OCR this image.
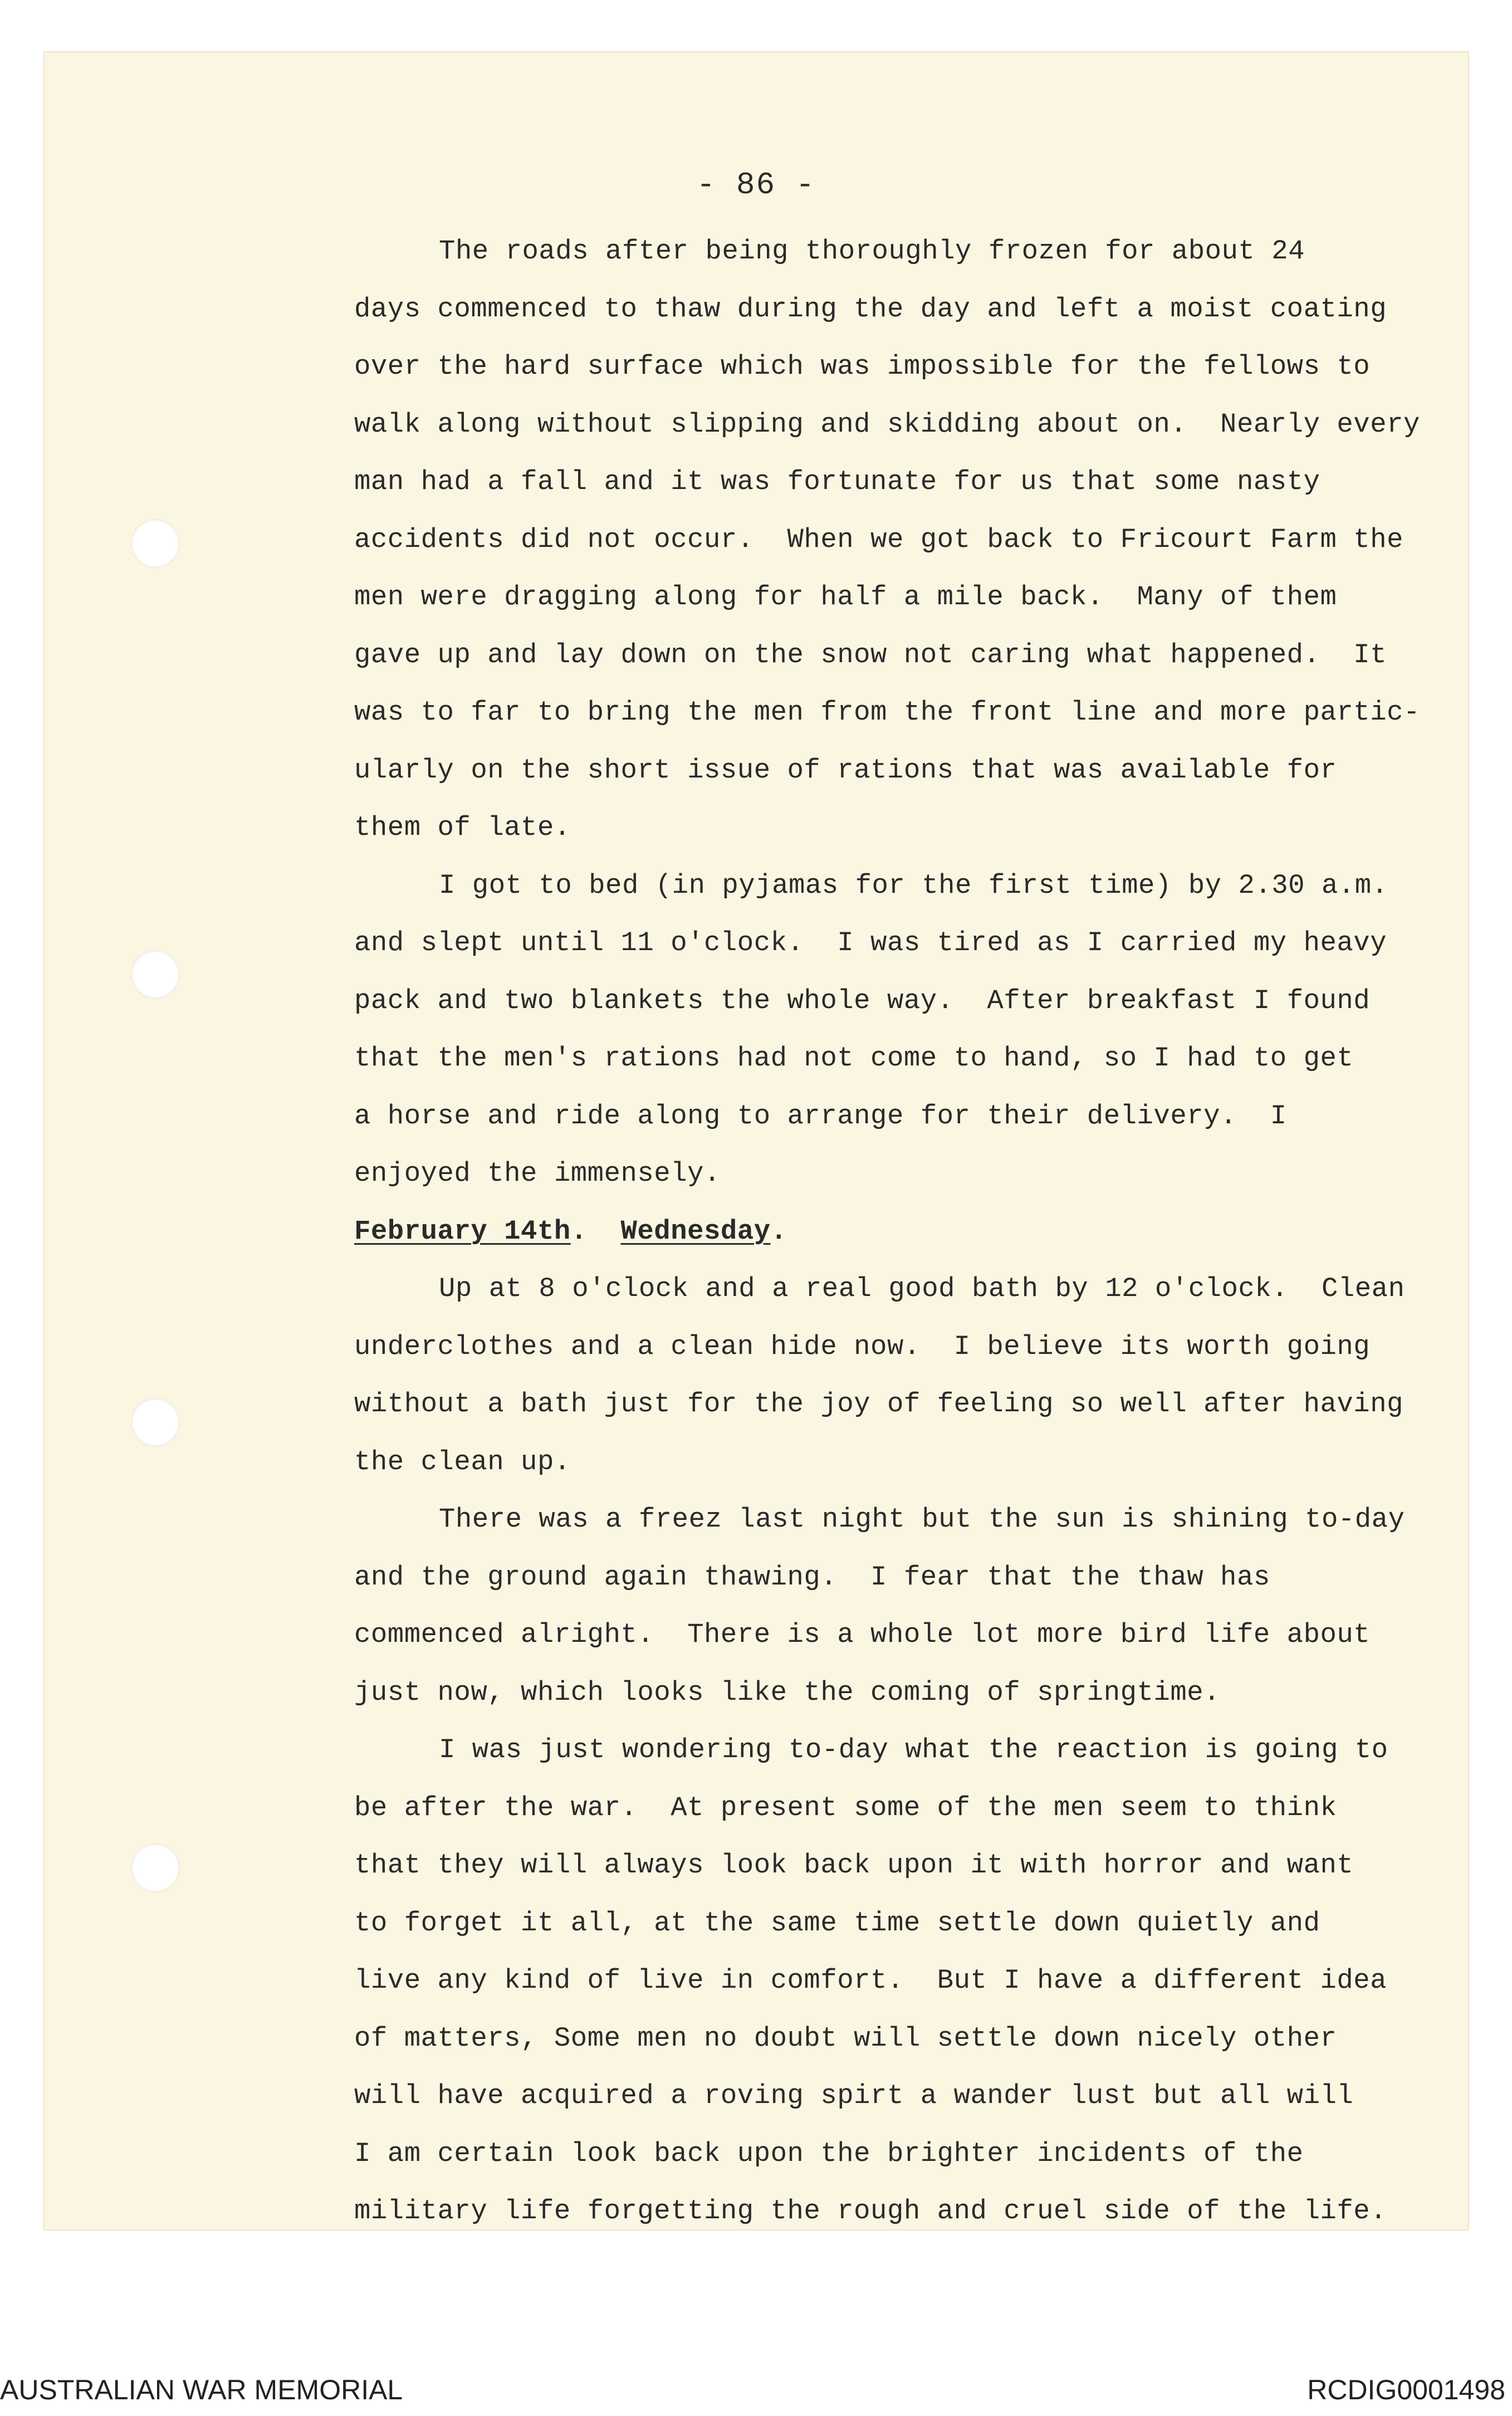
- 86 -
The roads after being thoroughly frozen for about 24
days commenced to thaw during the day and left a moist coating
over the hard surface which was impossible for the fellows to
walk along without slipping and skidding about on.  Nearly every
man had a fall and it was fortunate for us that some nasty
accidents did not occur.  When we got back to Fricourt Farm the
men were dragging along for half a mile back.  Many of them
gave up and lay down on the snow not caring what happened.  It
was to far to bring the men from the front line and more partic-
ularly on the short issue of rations that was available for
them of late.
I got to bed (in pyjamas for the first time) by 2.30 a.m.
and slept until 11 o'clock.  I was tired as I carried my heavy
pack and two blankets the whole way.  After breakfast I found
that the men's rations had not come to hand, so I had to get
a horse and ride along to arrange for their delivery.  I
enjoyed the immensely.
February 14th.  Wednesday.
Up at 8 o'clock and a real good bath by 12 o'clock.  Clean
underclothes and a clean hide now.  I believe its worth going
without a bath just for the joy of feeling so well after having
the clean up.
There was a freez last night but the sun is shining to-day
and the ground again thawing.  I fear that the thaw has
commenced alright.  There is a whole lot more bird life about
just now, which looks like the coming of springtime.
I was just wondering to-day what the reaction is going to
be after the war.  At present some of the men seem to think
that they will always look back upon it with horror and want
to forget it all, at the same time settle down quietly and
live any kind of live in comfort.  But I have a different idea
of matters, Some men no doubt will settle down nicely other
will have acquired a roving spirt a wander lust but all will
I am certain look back upon the brighter incidents of the
military life forgetting the rough and cruel side of the life.
AUSTRALIAN WAR MEMORIAL	RCDIG0001498
